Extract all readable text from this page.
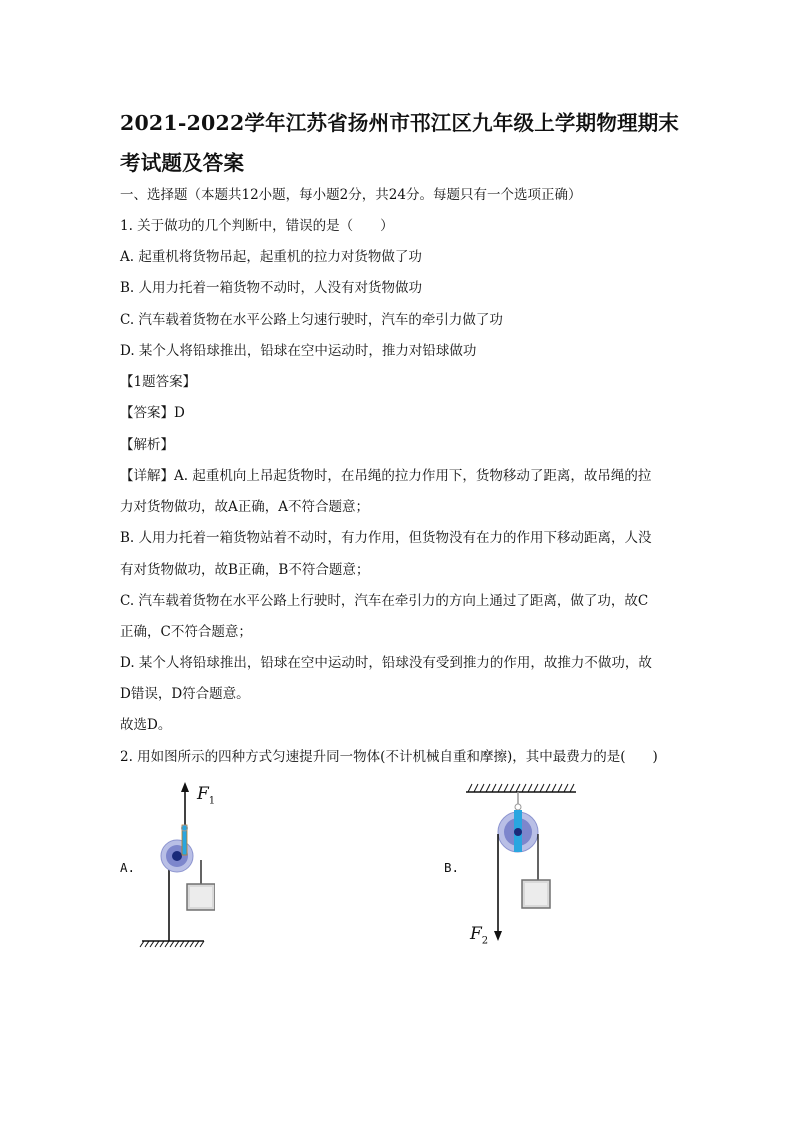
2021-2022学年江苏省扬州市邗江区九年级上学期物理期末
考试题及答案
一、选择题（本题共12小题，每小题2分，共24分。每题只有一个选项正确）
1. 关于做功的几个判断中，错误的是（　　）
A. 起重机将货物吊起，起重机的拉力对货物做了功
B. 人用力托着一箱货物不动时，人没有对货物做功
C. 汽车载着货物在水平公路上匀速行驶时，汽车的牵引力做了功
D. 某个人将铅球推出，铅球在空中运动时，推力对铅球做功
【1题答案】
【答案】D
【解析】
【详解】A. 起重机向上吊起货物时，在吊绳的拉力作用下，货物移动了距离，故吊绳的拉
力对货物做功，故A正确，A不符合题意；
B. 人用力托着一箱货物站着不动时，有力作用，但货物没有在力的作用下移动距离，人没
有对货物做功，故B正确，B不符合题意；
C. 汽车载着货物在水平公路上行驶时，汽车在牵引力的方向上通过了距离，做了功，故C
正确，C不符合题意；
D. 某个人将铅球推出，铅球在空中运动时，铅球没有受到推力的作用，故推力不做功，故
D错误，D符合题意。
故选D。
2. 用如图所示的四种方式匀速提升同一物体(不计机械自重和摩擦)，其中最费力的是(　　)
A.
$F_1$
B.
$F_2$
